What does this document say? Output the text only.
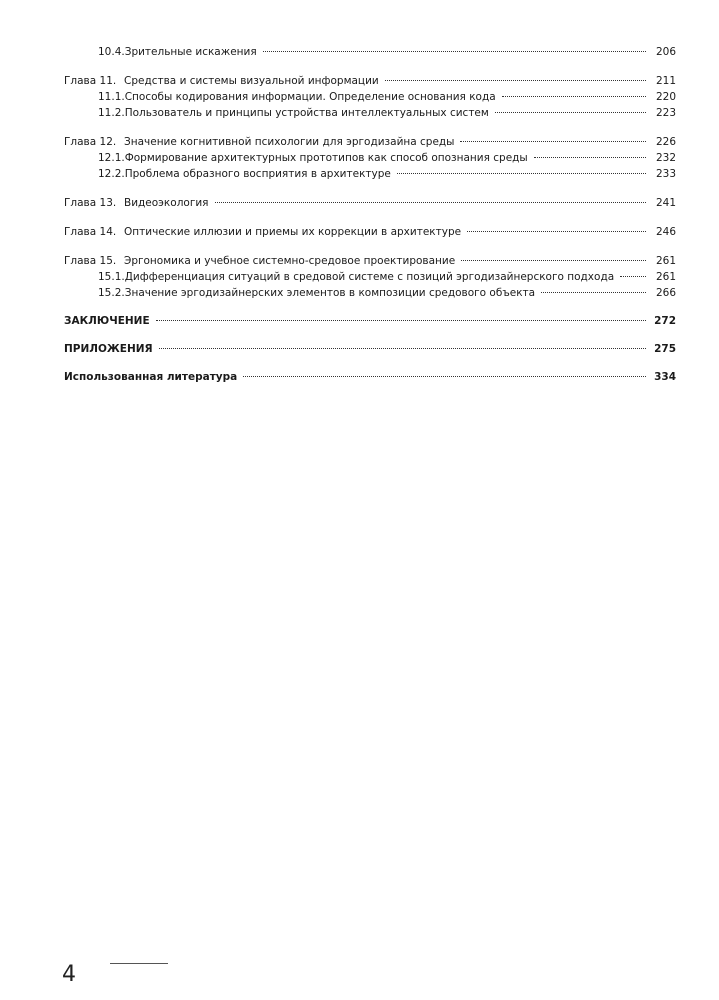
10.4.Зрительные искажения	206
Глава 11. Средства и системы визуальной информации	211
11.1.Способы кодирования информации. Определение основания кода	220
11.2.Пользователь и принципы устройства интеллектуальных систем	223
Глава 12. Значение когнитивной психологии для эргодизайна среды	226
12.1.Формирование архитектурных прототипов как способ опознания среды	232
12.2.Проблема образного восприятия в архитектуре	233
Глава 13. Видеоэкология	241
Глава 14. Оптические иллюзии и приемы их коррекции в архитектуре	246
Глава 15. Эргономика и учебное системно-средовое проектирование	261
15.1.Дифференциация ситуаций в средовой системе с позиций эргодизайнерского подхода	261
15.2.Значение эргодизайнерских элементов в композиции средового объекта	266
ЗАКЛЮЧЕНИЕ	272
ПРИЛОЖЕНИЯ	275
Использованная литература	334
4
